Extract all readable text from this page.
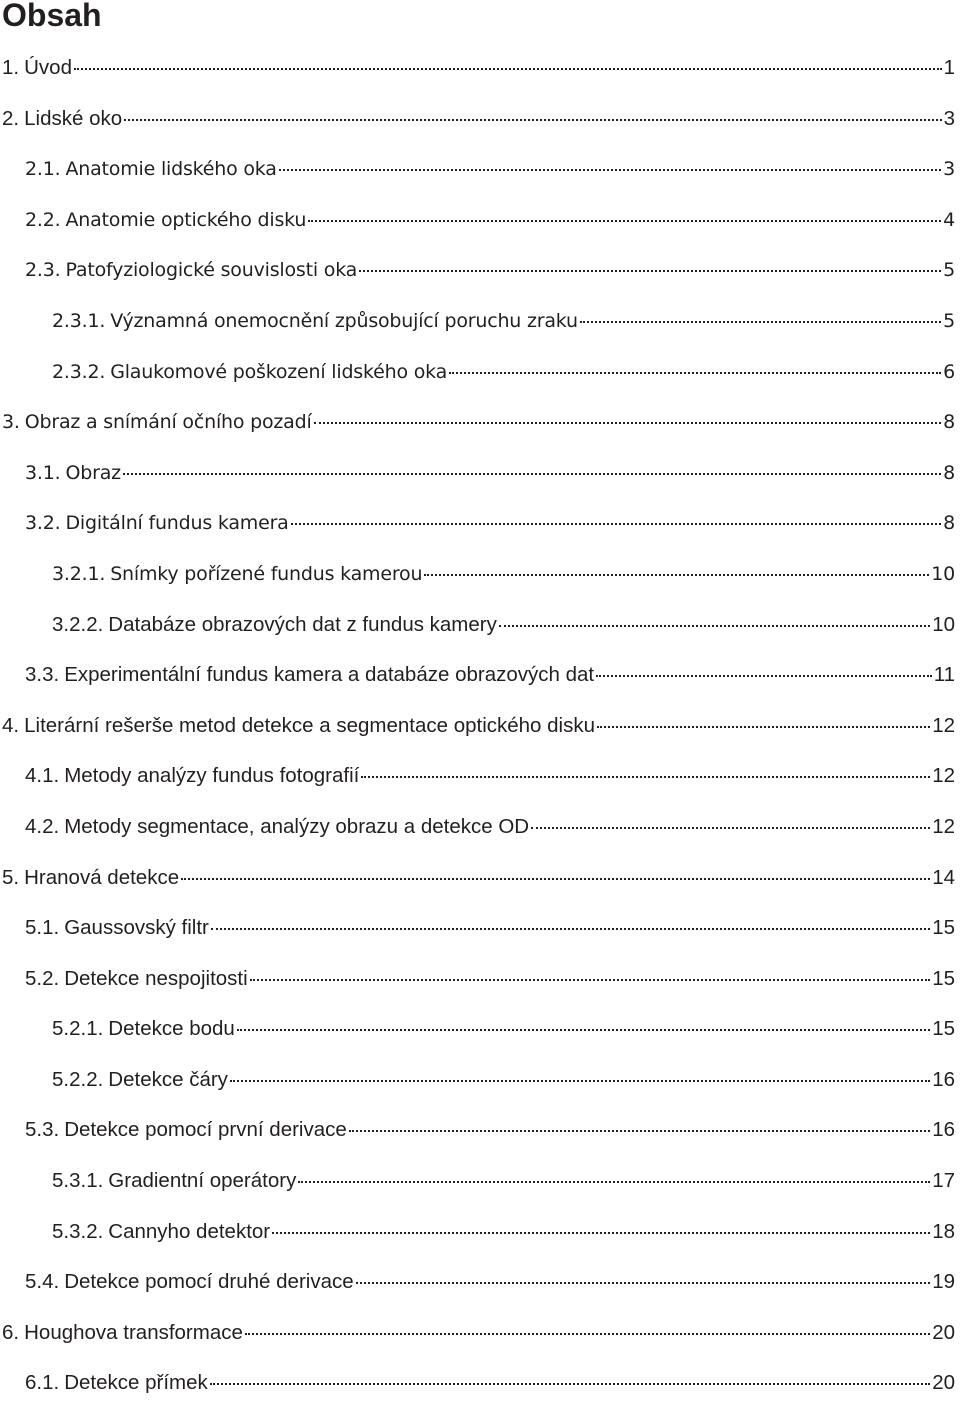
Obsah
1. Úvod	1
2. Lidské oko	3
2.1. Anatomie lidského oka	3
2.2. Anatomie optického disku	4
2.3. Patofyziologické souvislosti oka	5
2.3.1. Významná onemocnění způsobující poruchu zraku	5
2.3.2. Glaukomové poškození lidského oka	6
3. Obraz a snímání očního pozadí	8
3.1. Obraz	8
3.2. Digitální fundus kamera	8
3.2.1. Snímky pořízené fundus kamerou	10
3.2.2. Databáze obrazových dat z fundus kamery	10
3.3. Experimentální fundus kamera a databáze obrazových dat	11
4. Literární rešerše metod detekce a segmentace optického disku	12
4.1. Metody analýzy fundus fotografií	12
4.2. Metody segmentace, analýzy obrazu a detekce OD	12
5. Hranová detekce	14
5.1. Gaussovský filtr	15
5.2. Detekce nespojitosti	15
5.2.1. Detekce bodu	15
5.2.2. Detekce čáry	16
5.3. Detekce pomocí první derivace	16
5.3.1. Gradientní operátory	17
5.3.2. Cannyho detektor	18
5.4. Detekce pomocí druhé derivace	19
6. Houghova transformace	20
6.1. Detekce přímek	20
